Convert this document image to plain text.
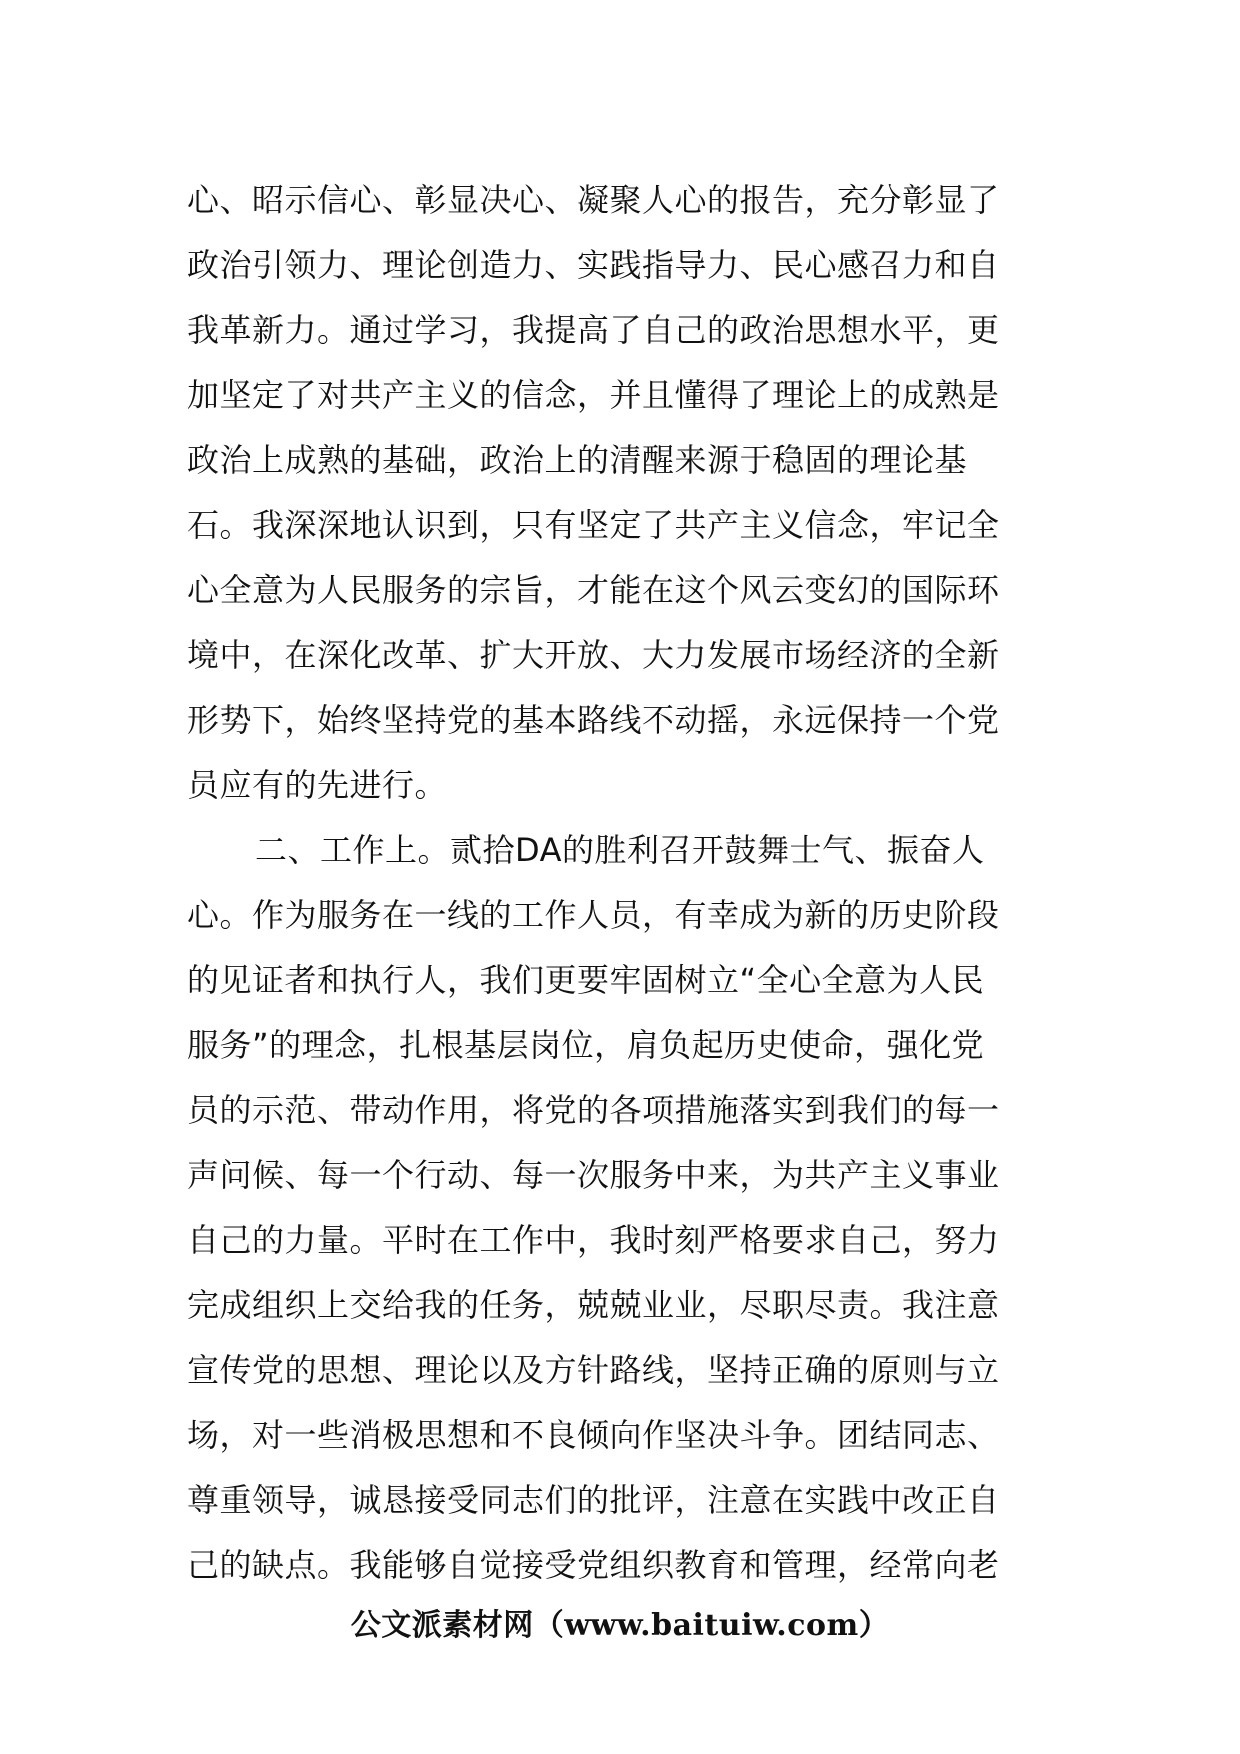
心、昭示信心、彰显决心、凝聚人心的报告，充分彰显了
政治引领力、理论创造力、实践指导力、民心感召力和自
我革新力。通过学习，我提高了自己的政治思想水平，更
加坚定了对共产主义的信念，并且懂得了理论上的成熟是
政治上成熟的基础，政治上的清醒来源于稳固的理论基
石。我深深地认识到，只有坚定了共产主义信念，牢记全
心全意为人民服务的宗旨，才能在这个风云变幻的国际环
境中，在深化改革、扩大开放、大力发展市场经济的全新
形势下，始终坚持党的基本路线不动摇，永远保持一个党
员应有的先进行。
二、工作上。贰拾DA的胜利召开鼓舞士气、振奋人
心。作为服务在一线的工作人员，有幸成为新的历史阶段
的见证者和执行人，我们更要牢固树立“全心全意为人民
服务”的理念，扎根基层岗位，肩负起历史使命，强化党
员的示范、带动作用，将党的各项措施落实到我们的每一
声问候、每一个行动、每一次服务中来，为共产主义事业
自己的力量。平时在工作中，我时刻严格要求自己，努力
完成组织上交给我的任务，兢兢业业，尽职尽责。我注意
宣传党的思想、理论以及方针路线，坚持正确的原则与立
场，对一些消极思想和不良倾向作坚决斗争。团结同志、
尊重领导，诚恳接受同志们的批评，注意在实践中改正自
己的缺点。我能够自觉接受党组织教育和管理，经常向老
公文派素材网（www.baituiw.com）
